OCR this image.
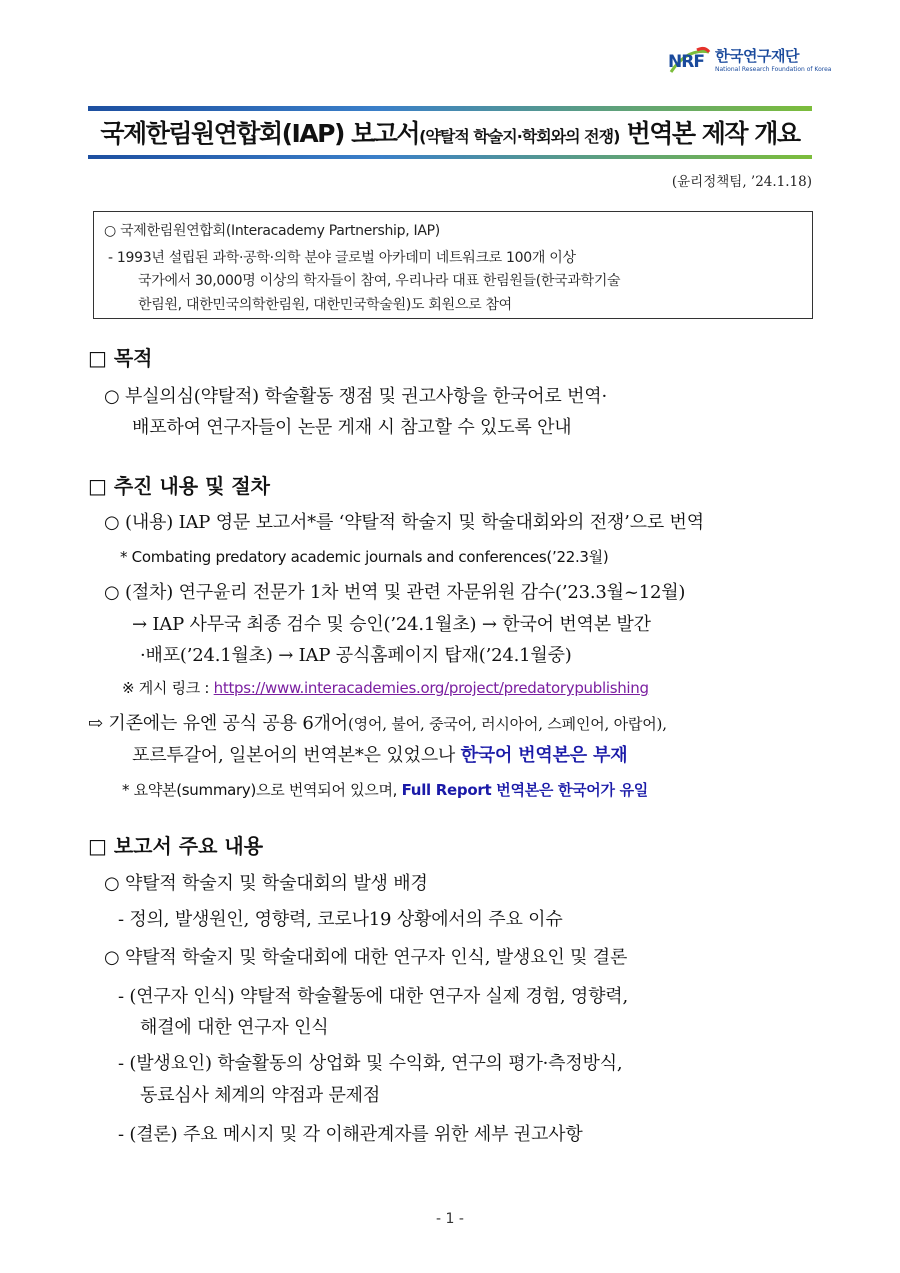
NRF 한국연구재단
National Research Foundation of Korea
국제한림원연합회(IAP) 보고서(약탈적 학술지·학회와의 전쟁) 번역본 제작 개요
(윤리정책팀, ’24.1.18)

○ 국제한림원연합회(Interacademy Partnership, IAP)

- 1993년 설립된 과학·공학·의학 분야 글로벌 아카데미 네트워크로 100개 이상

국가에서 30,000명 이상의 학자들이 참여, 우리나라 대표 한림원들(한국과학기술

한림원, 대한민국의학한림원, 대한민국학술원)도 회원으로 참여

□ 목적
○ 부실의심(약탈적) 학술활동 쟁점 및 권고사항을 한국어로 번역·
배포하여 연구자들이 논문 게재 시 참고할 수 있도록 안내
□ 추진 내용 및 절차
○ (내용) IAP 영문 보고서*를 ‘약탈적 학술지 및 학술대회와의 전쟁’으로 번역
* Combating predatory academic journals and conferences(’22.3월)
○ (절차) 연구윤리 전문가 1차 번역 및 관련 자문위원 감수(’23.3월~12월)
→ IAP 사무국 최종 검수 및 승인(’24.1월초) → 한국어 번역본 발간
·배포(’24.1월초) → IAP 공식홈페이지 탑재(’24.1월중)
※ 게시 링크 : https://www.interacademies.org/project/predatorypublishing
⇨ 기존에는 유엔 공식 공용 6개어(영어, 불어, 중국어, 러시아어, 스페인어, 아랍어),
포르투갈어, 일본어의 번역본*은 있었으나 한국어 번역본은 부재
* 요약본(summary)으로 번역되어 있으며, Full Report 번역본은 한국어가 유일
□ 보고서 주요 내용
○ 약탈적 학술지 및 학술대회의 발생 배경
- 정의, 발생원인, 영향력, 코로나19 상황에서의 주요 이슈
○ 약탈적 학술지 및 학술대회에 대한 연구자 인식, 발생요인 및 결론
- (연구자 인식) 약탈적 학술활동에 대한 연구자 실제 경험, 영향력,
해결에 대한 연구자 인식
- (발생요인) 학술활동의 상업화 및 수익화, 연구의 평가·측정방식,
동료심사 체계의 약점과 문제점
- (결론) 주요 메시지 및 각 이해관계자를 위한 세부 권고사항
- 1 -
